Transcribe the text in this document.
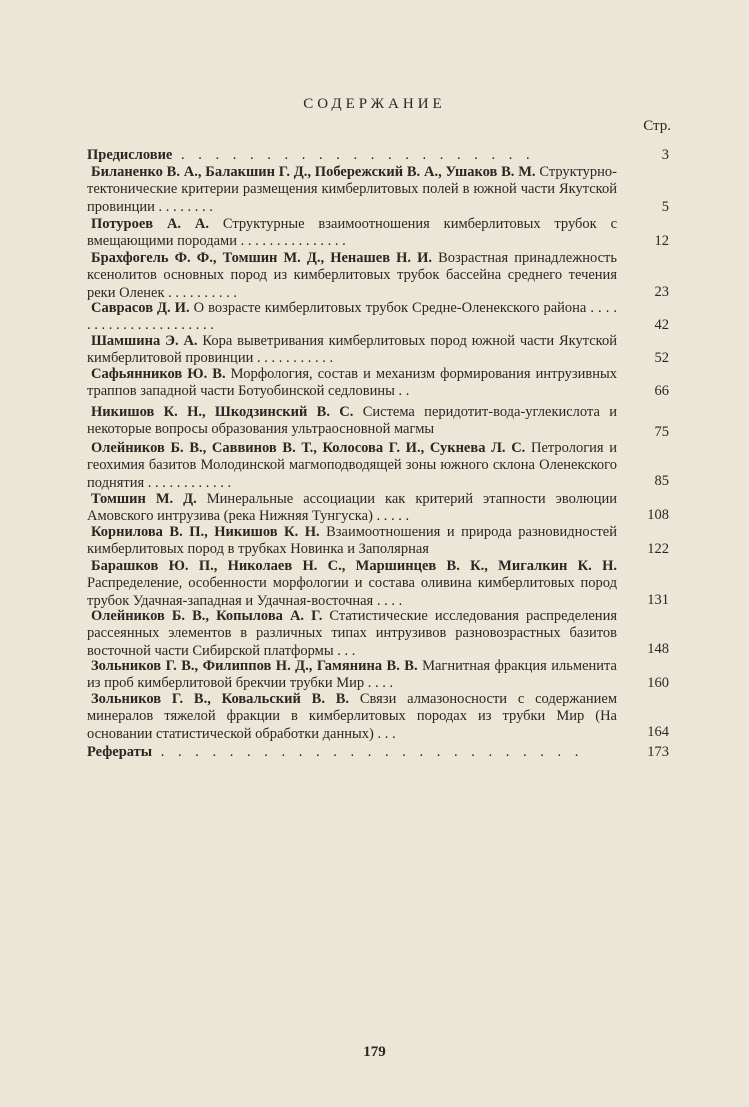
СОДЕРЖАНИЕ
Стр.
Предисловие . . . . . . . . . . . . . . . . . . . . .	3
Биланенко В. А., Балакшин Г. Д., Побережский В. А., Ушаков В. М. Структурно-тектонические критерии размещения кимберлитовых полей в южной части Якутской провинции . . . . . . . .	5
Потуроев А. А. Структурные взаимоотношения кимберлитовых трубок с вмещающими породами . . . . . . . . . . . . . . .	12
Брахфогель Ф. Ф., Томшин М. Д., Ненашев Н. И. Возрастная принадлежность ксенолитов основных пород из кимберлитовых трубок бассейна среднего течения реки Оленек . . . . . . . . . .	23
Саврасов Д. И. О возрасте кимберлитовых трубок Средне-Оленекского района . . . . . . . . . . . . . . . . . . . . . .	42
Шамшина Э. А. Кора выветривания кимберлитовых пород южной части Якутской кимберлитовой провинции . . . . . . . . . . .	52
Сафьянников Ю. В. Морфология, состав и механизм формирования интрузивных траппов западной части Ботуобинской седловины . .	66
Никишов К. Н., Шкодзинский В. С. Система перидотит-вода-углекислота и некоторые вопросы образования ультраосновной магмы	75
Олейников Б. В., Саввинов В. Т., Колосова Г. И., Сукнева Л. С. Петрология и геохимия базитов Молодинской магмоподводящей зоны южного склона Оленекского поднятия . . . . . . . . . . . .	85
Томшин М. Д. Минеральные ассоциации как критерий этапности эволюции Амовского интрузива (река Нижняя Тунгуска) . . . . .	108
Корнилова В. П., Никишов К. Н. Взаимоотношения и природа разновидностей кимберлитовых пород в трубках Новинка и Заполярная	122
Барашков Ю. П., Николаев Н. С., Маршинцев В. К., Мигалкин К. Н. Распределение, особенности морфологии и состава оливина кимберлитовых пород трубок Удачная-западная и Удачная-восточная . . . .	131
Олейников Б. В., Копылова А. Г. Статистические исследования распределения рассеянных элементов в различных типах интрузивов разновозрастных базитов восточной части Сибирской платформы . . .	148
Зольников Г. В., Филиппов Н. Д., Гамянина В. В. Магнитная фракция ильменита из проб кимберлитовой брекчии трубки Мир . . . .	160
Зольников Г. В., Ковальский В. В. Связи алмазоносности с содержанием минералов тяжелой фракции в кимберлитовых породах из трубки Мир (На основании статистической обработки данных) . . .	164
Рефераты . . . . . . . . . . . . . . . . . . . . . . . . .	173
179
